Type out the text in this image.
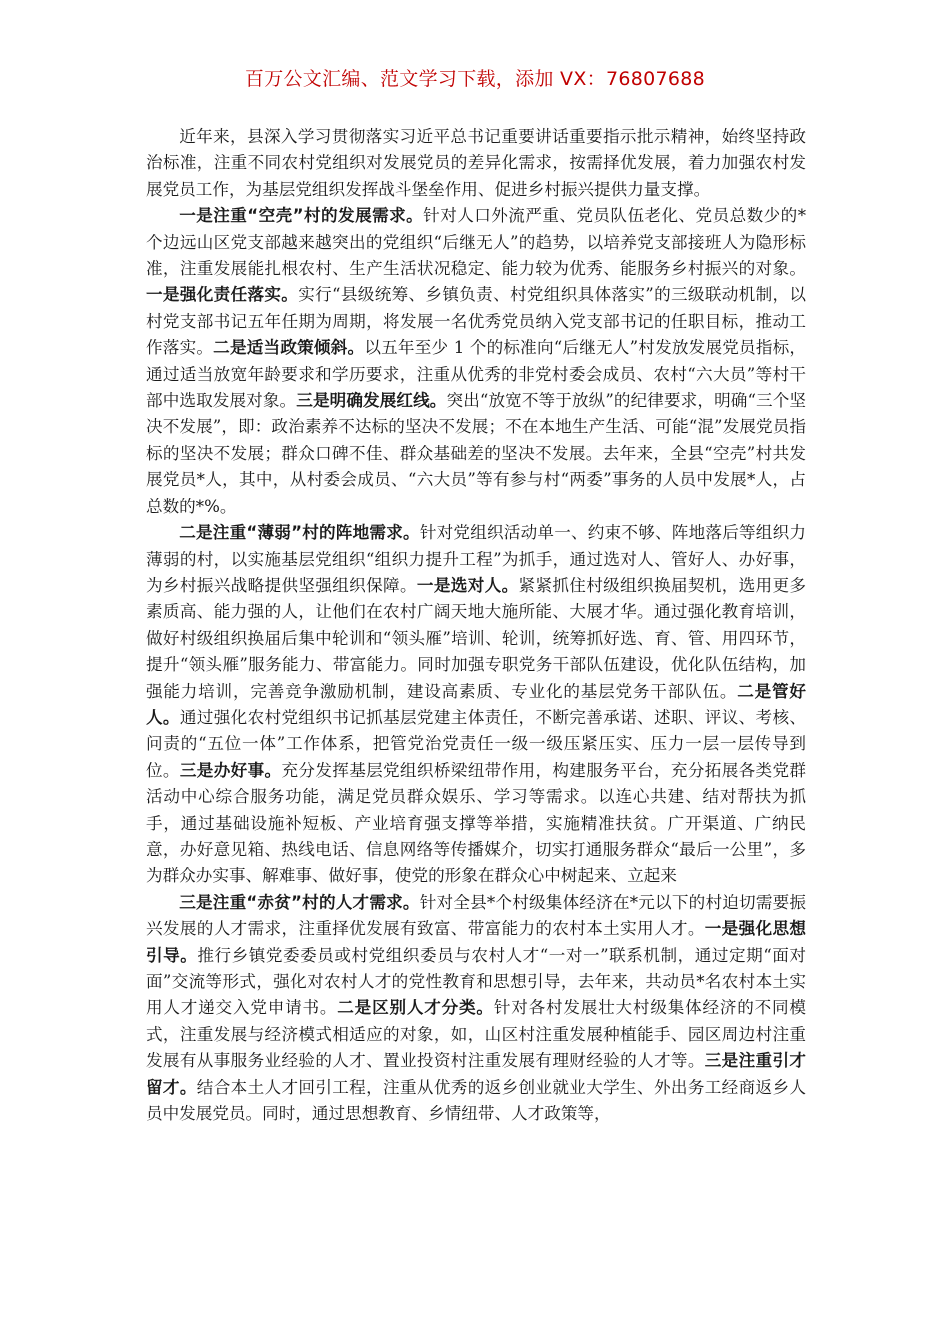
百万公文汇编、范文学习下载，添加 VX：76807688

近年来，县深入学习贯彻落实习近平总书记重要讲话重要指示批示精神，始终坚持政治标准，注重不同农村党组织对发展党员的差异化需求，按需择优发展，着力加强农村发展党员工作，为基层党组织发挥战斗堡垒作用、促进乡村振兴提供力量支撑。

一是注重“空壳”村的发展需求。针对人口外流严重、党员队伍老化、党员总数少的*个边远山区党支部越来越突出的党组织“后继无人”的趋势，以培养党支部接班人为隐形标准，注重发展能扎根农村、生产生活状况稳定、能力较为优秀、能服务乡村振兴的对象。一是强化责任落实。实行“县级统筹、乡镇负责、村党组织具体落实”的三级联动机制，以村党支部书记五年任期为周期，将发展一名优秀党员纳入党支部书记的任职目标，推动工作落实。二是适当政策倾斜。以五年至少 1 个的标准向“后继无人”村发放发展党员指标，通过适当放宽年龄要求和学历要求，注重从优秀的非党村委会成员、农村“六大员”等村干部中选取发展对象。三是明确发展红线。突出“放宽不等于放纵”的纪律要求，明确“三个坚决不发展”，即：政治素养不达标的坚决不发展；不在本地生产生活、可能“混”发展党员指标的坚决不发展；群众口碑不佳、群众基础差的坚决不发展。去年来，全县“空壳”村共发展党员*人，其中，从村委会成员、“六大员”等有参与村“两委”事务的人员中发展*人，占总数的*%。

二是注重“薄弱”村的阵地需求。针对党组织活动单一、约束不够、阵地落后等组织力薄弱的村，以实施基层党组织“组织力提升工程”为抓手，通过选对人、管好人、办好事，为乡村振兴战略提供坚强组织保障。一是选对人。紧紧抓住村级组织换届契机，选用更多素质高、能力强的人，让他们在农村广阔天地大施所能、大展才华。通过强化教育培训，做好村级组织换届后集中轮训和“领头雁”培训、轮训，统筹抓好选、育、管、用四环节，提升“领头雁”服务能力、带富能力。同时加强专职党务干部队伍建设，优化队伍结构，加强能力培训，完善竞争激励机制，建设高素质、专业化的基层党务干部队伍。二是管好人。通过强化农村党组织书记抓基层党建主体责任，不断完善承诺、述职、评议、考核、问责的“五位一体”工作体系，把管党治党责任一级一级压紧压实、压力一层一层传导到位。三是办好事。充分发挥基层党组织桥梁纽带作用，构建服务平台，充分拓展各类党群活动中心综合服务功能，满足党员群众娱乐、学习等需求。以连心共建、结对帮扶为抓手，通过基础设施补短板、产业培育强支撑等举措，实施精准扶贫。广开渠道、广纳民意，办好意见箱、热线电话、信息网络等传播媒介，切实打通服务群众“最后一公里”，多为群众办实事、解难事、做好事，使党的形象在群众心中树起来、立起来

三是注重“赤贫”村的人才需求。针对全县*个村级集体经济在*元以下的村迫切需要振兴发展的人才需求，注重择优发展有致富、带富能力的农村本土实用人才。一是强化思想引导。推行乡镇党委委员或村党组织委员与农村人才“一对一”联系机制，通过定期“面对面”交流等形式，强化对农村人才的党性教育和思想引导，去年来，共动员*名农村本土实用人才递交入党申请书。二是区别人才分类。针对各村发展壮大村级集体经济的不同模式，注重发展与经济模式相适应的对象，如，山区村注重发展种植能手、园区周边村注重发展有从事服务业经验的人才、置业投资村注重发展有理财经验的人才等。三是注重引才留才。结合本土人才回引工程，注重从优秀的返乡创业就业大学生、外出务工经商返乡人员中发展党员。同时，通过思想教育、乡情纽带、人才政策等，
